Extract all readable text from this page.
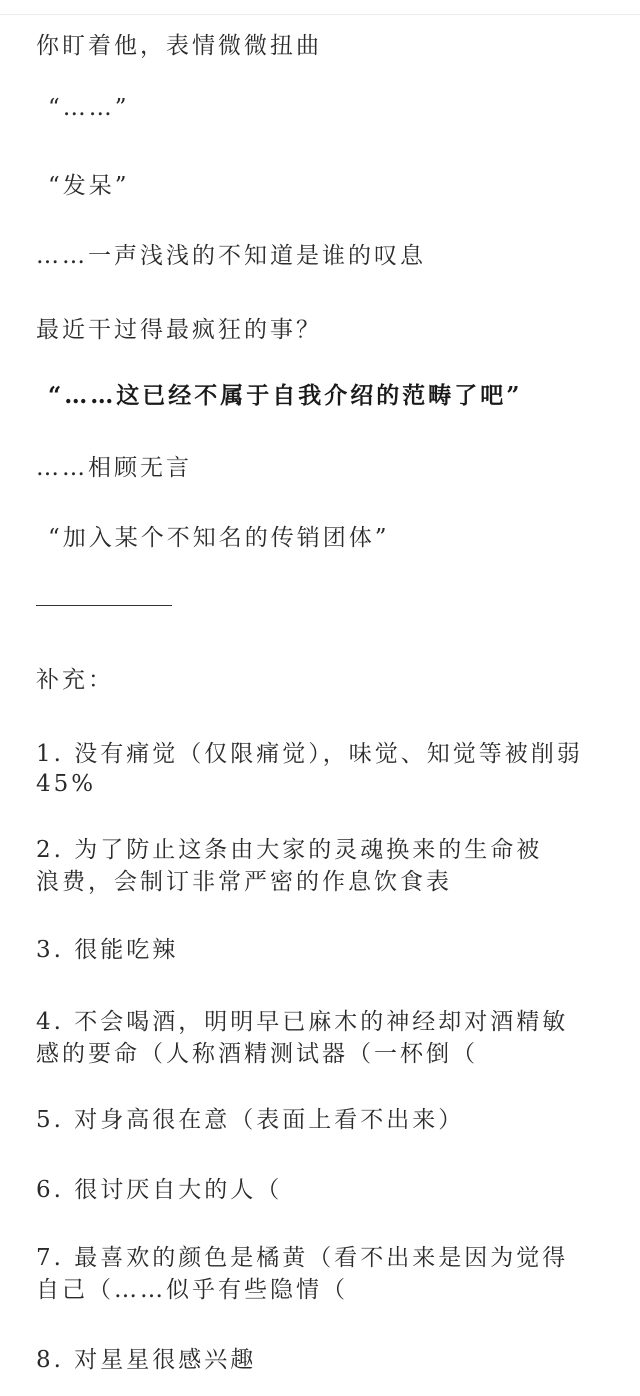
你盯着他，表情微微扭曲
“……”
“发呆”
……一声浅浅的不知道是谁的叹息
最近干过得最疯狂的事？
“……这已经不属于自我介绍的范畴了吧”
……相顾无言
“加入某个不知名的传销团体”
补充：
1. 没有痛觉（仅限痛觉），味觉、知觉等被削弱
45%
2. 为了防止这条由大家的灵魂换来的生命被
浪费，会制订非常严密的作息饮食表
3. 很能吃辣
4. 不会喝酒，明明早已麻木的神经却对酒精敏
感的要命（人称酒精测试器（一杯倒（
5. 对身高很在意（表面上看不出来）
6. 很讨厌自大的人（
7. 最喜欢的颜色是橘黄（看不出来是因为觉得
自己（……似乎有些隐情（
8. 对星星很感兴趣
